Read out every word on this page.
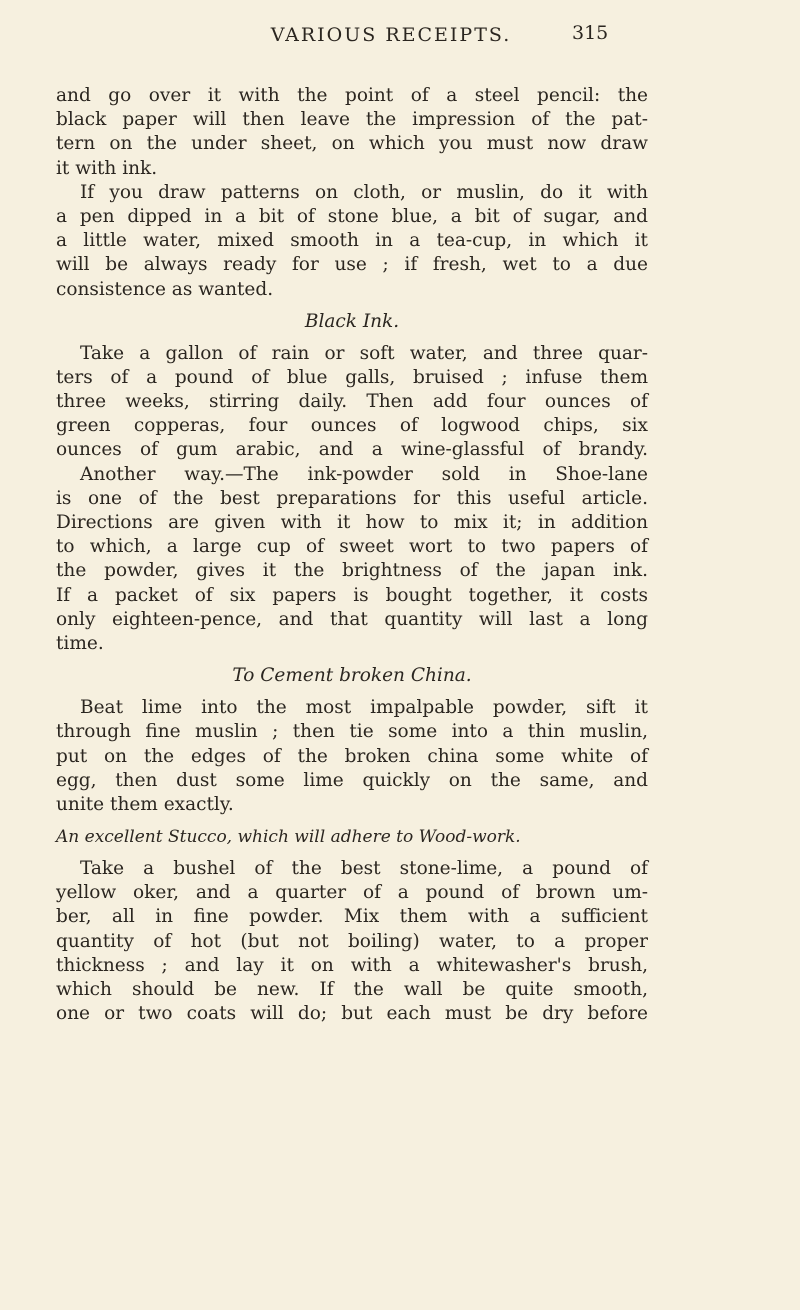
VARIOUS RECEIPTS.	315
and go over it with the point of a steel pencil: the
black paper will then leave the impression of the pat-
tern on the under sheet, on which you must now draw
it with ink.
If you draw patterns on cloth, or muslin, do it with
a pen dipped in a bit of stone blue, a bit of sugar, and
a little water, mixed smooth in a tea-cup, in which it
will be always ready for use ; if fresh, wet to a due
consistence as wanted.
Black Ink.
Take a gallon of rain or soft water, and three quar-
ters of a pound of blue galls, bruised ; infuse them
three weeks, stirring daily. Then add four ounces of
green copperas, four ounces of logwood chips, six
ounces of gum arabic, and a wine-glassful of brandy.
Another way.—The ink-powder sold in Shoe-lane
is one of the best preparations for this useful article.
Directions are given with it how to mix it; in addition
to which, a large cup of sweet wort to two papers of
the powder, gives it the brightness of the japan ink.
If a packet of six papers is bought together, it costs
only eighteen-pence, and that quantity will last a long
time.
To Cement broken China.
Beat lime into the most impalpable powder, sift it
through fine muslin ; then tie some into a thin muslin,
put on the edges of the broken china some white of
egg, then dust some lime quickly on the same, and
unite them exactly.
An excellent Stucco, which will adhere to Wood-work.
Take a bushel of the best stone-lime, a pound of
yellow oker, and a quarter of a pound of brown um-
ber, all in fine powder. Mix them with a sufficient
quantity of hot (but not boiling) water, to a proper
thickness ; and lay it on with a whitewasher's brush,
which should be new. If the wall be quite smooth,
one or two coats will do; but each must be dry before
